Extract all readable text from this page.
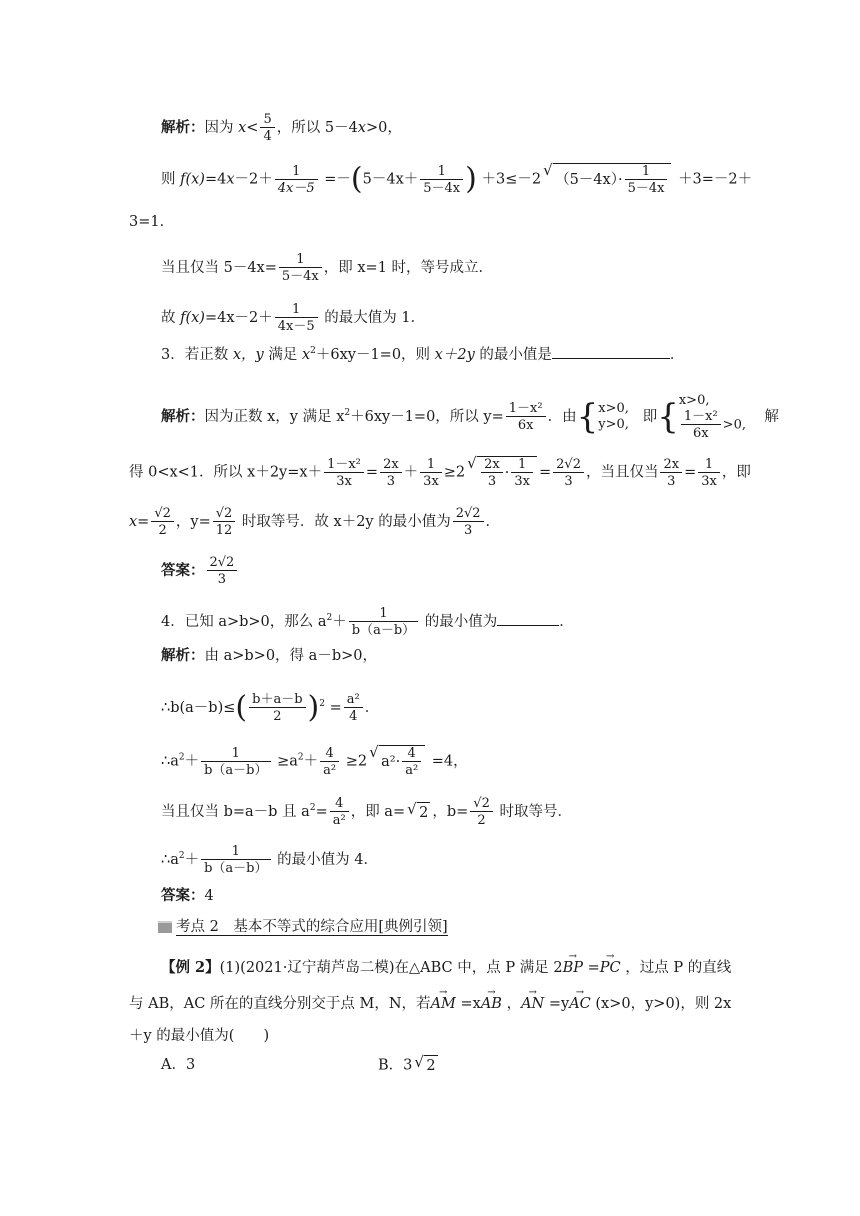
解析：因为 $x< \frac{5}{4}$ ，所以 5－4x>0，
则 $f(x)=4x-2+ \frac{1}{4x-5} =-(5-4x+ \frac{1}{5-4x}$ ) ＋3≤－2
√
$(5-4x)\cdot \frac{1}{5-4x} +3=-2+$
3=1．
当且仅当 $5-4x= \frac{1}{5-4x}$ ，即 x=1 时，等号成立．
故 $f(x)=4x-2+ \frac{1}{4x-5}$ 的最大值为 1．
3．若正数 x，y 满足 $x^2+6xy-1=0$，则 x＋2y 的最小值是	．
解析：因为正数 x，y 满足 $x^2+6xy-1=0$，所以 $y= \frac{\text{1－x²}}{6x}$ ．由{ x>0,
y>0, 即{ x>0,
$\frac{\text{1－x²}}{6x} >0$, 解
得 0<x<1．所以 $x+2y=x+ \frac{\text{1－x²}}{3x} = \frac{2x}{3} + \frac{1}{3x} \ge 2$
√ $\frac{2x}{3} \cdot \frac{1}{3x} = \frac{2√2}{3}$ ，当且仅当 $\frac{2x}{3} = \frac{1}{3x}$ ，即
$x= \frac{√2}{2}$ ，$y= \frac{√2}{12}$ 时取等号．故 x＋2y 的最小值为 $\frac{2√2}{3}$ ．
答案： $\frac{2√2}{3}$
4．已知 a>b>0，那么 $a^2+ \frac{1}{b(a-b)}$ 的最小值为	．
解析：由 a>b>0，得 a－b>0，
∴b(a－b)≤( $\frac{b+a-b}{2} )^2 = \frac{\text{a²}}{4}$ ．
$\therefore a^2+ \frac{1}{b(a-b)} \ge a^2+ \frac{4}{\text{a²}} \ge 2$
√
$a^2\cdot \frac{4}{\text{a²}} =4$，
当且仅当 b=a－b 且 $a^2= \frac{4}{\text{a²}}$ ，即 a= √ 2 ，$b= \frac{√2}{2}$ 时取等号．
$\therefore a^2+ \frac{1}{b(a-b)}$ 的最小值为 4．
答案：4
考点 2　基本不等式的综合应用[典例引领]
【例 2】(1)(2021·辽宁葫芦岛二模)在△ABC 中，点 P 满足 2→ BP =→ PC ，过点 P 的直线
与 AB，AC 所在的直线分别交于点 M，N，若→ AM =x→ AB ，→ AN =y→ AC (x>0，y>0)，则 2x
＋y 的最小值为(　　)
A．3	B．3 √ 2
